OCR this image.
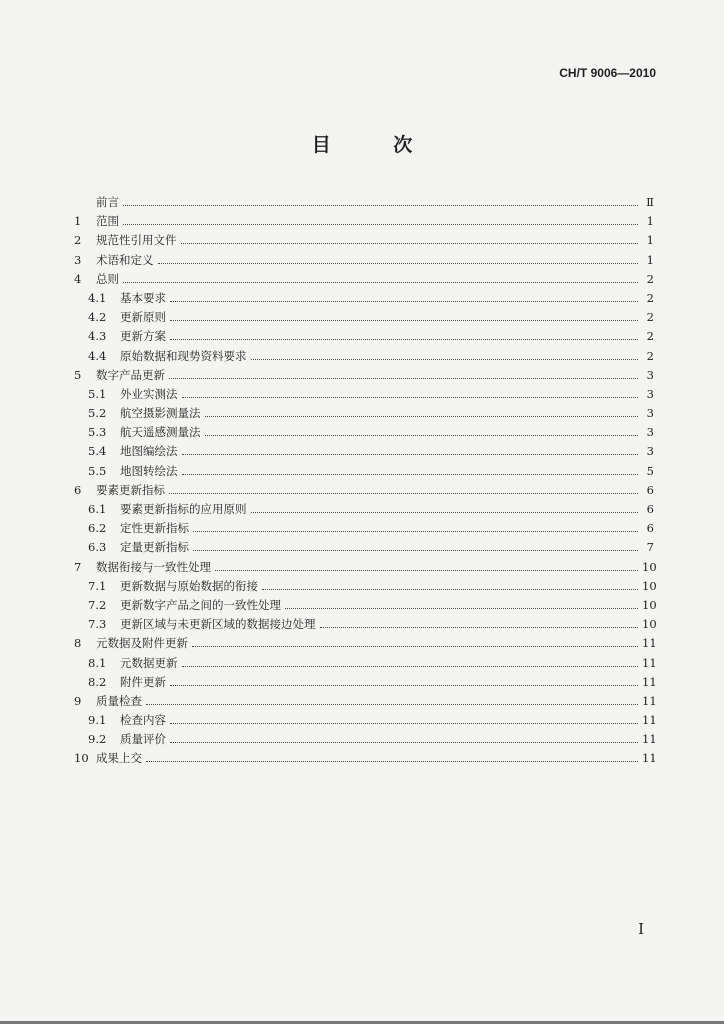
CH/T 9006—2010
目 次
前言	Ⅱ
1	范围	1
2	规范性引用文件	1
3	术语和定义	1
4	总则	2
4.1	基本要求	2
4.2	更新原则	2
4.3	更新方案	2
4.4	原始数据和现势资料要求	2
5	数字产品更新	3
5.1	外业实测法	3
5.2	航空摄影测量法	3
5.3	航天遥感测量法	3
5.4	地图编绘法	3
5.5	地图转绘法	5
6	要素更新指标	6
6.1	要素更新指标的应用原则	6
6.2	定性更新指标	6
6.3	定量更新指标	7
7	数据衔接与一致性处理	10
7.1	更新数据与原始数据的衔接	10
7.2	更新数字产品之间的一致性处理	10
7.3	更新区域与未更新区域的数据接边处理	10
8	元数据及附件更新	11
8.1	元数据更新	11
8.2	附件更新	11
9	质量检查	11
9.1	检查内容	11
9.2	质量评价	11
10 成果上交	11
I
